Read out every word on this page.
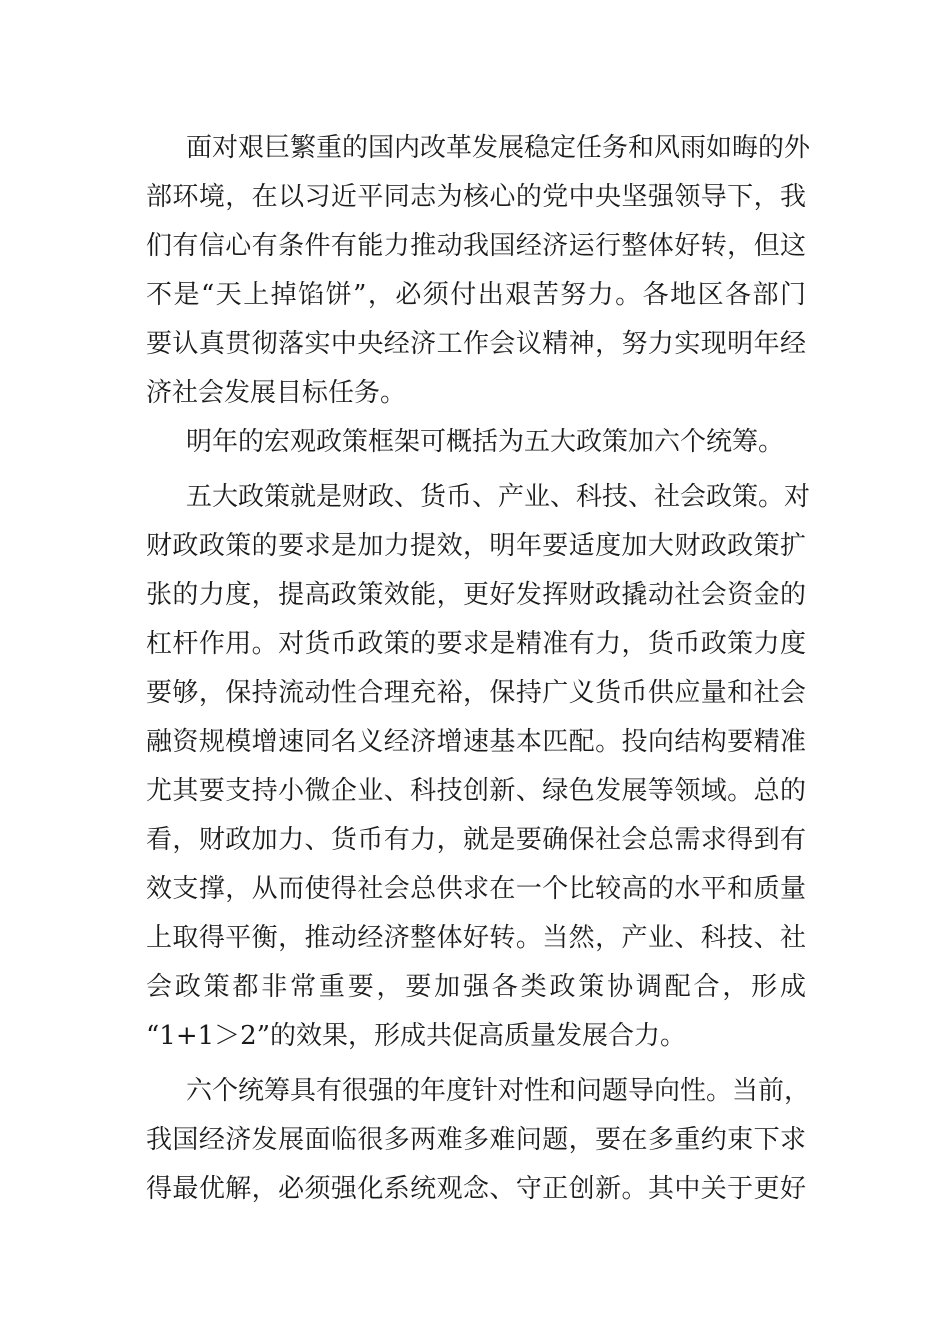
面对艰巨繁重的国内改革发展稳定任务和风雨如晦的外
部环境，在以习近平同志为核心的党中央坚强领导下，我
们有信心有条件有能力推动我国经济运行整体好转，但这
不是“天上掉馅饼”，必须付出艰苦努力。各地区各部门
要认真贯彻落实中央经济工作会议精神，努力实现明年经
济社会发展目标任务。
明年的宏观政策框架可概括为五大政策加六个统筹。
五大政策就是财政、货币、产业、科技、社会政策。对
财政政策的要求是加力提效，明年要适度加大财政政策扩
张的力度，提高政策效能，更好发挥财政撬动社会资金的
杠杆作用。对货币政策的要求是精准有力，货币政策力度
要够，保持流动性合理充裕，保持广义货币供应量和社会
融资规模增速同名义经济增速基本匹配。投向结构要精准
尤其要支持小微企业、科技创新、绿色发展等领域。总的
看，财政加力、货币有力，就是要确保社会总需求得到有
效支撑，从而使得社会总供求在一个比较高的水平和质量
上取得平衡，推动经济整体好转。当然，产业、科技、社
会政策都非常重要，要加强各类政策协调配合，形成
“1+1＞2”的效果，形成共促高质量发展合力。
六个统筹具有很强的年度针对性和问题导向性。当前，
我国经济发展面临很多两难多难问题，要在多重约束下求
得最优解，必须强化系统观念、守正创新。其中关于更好
